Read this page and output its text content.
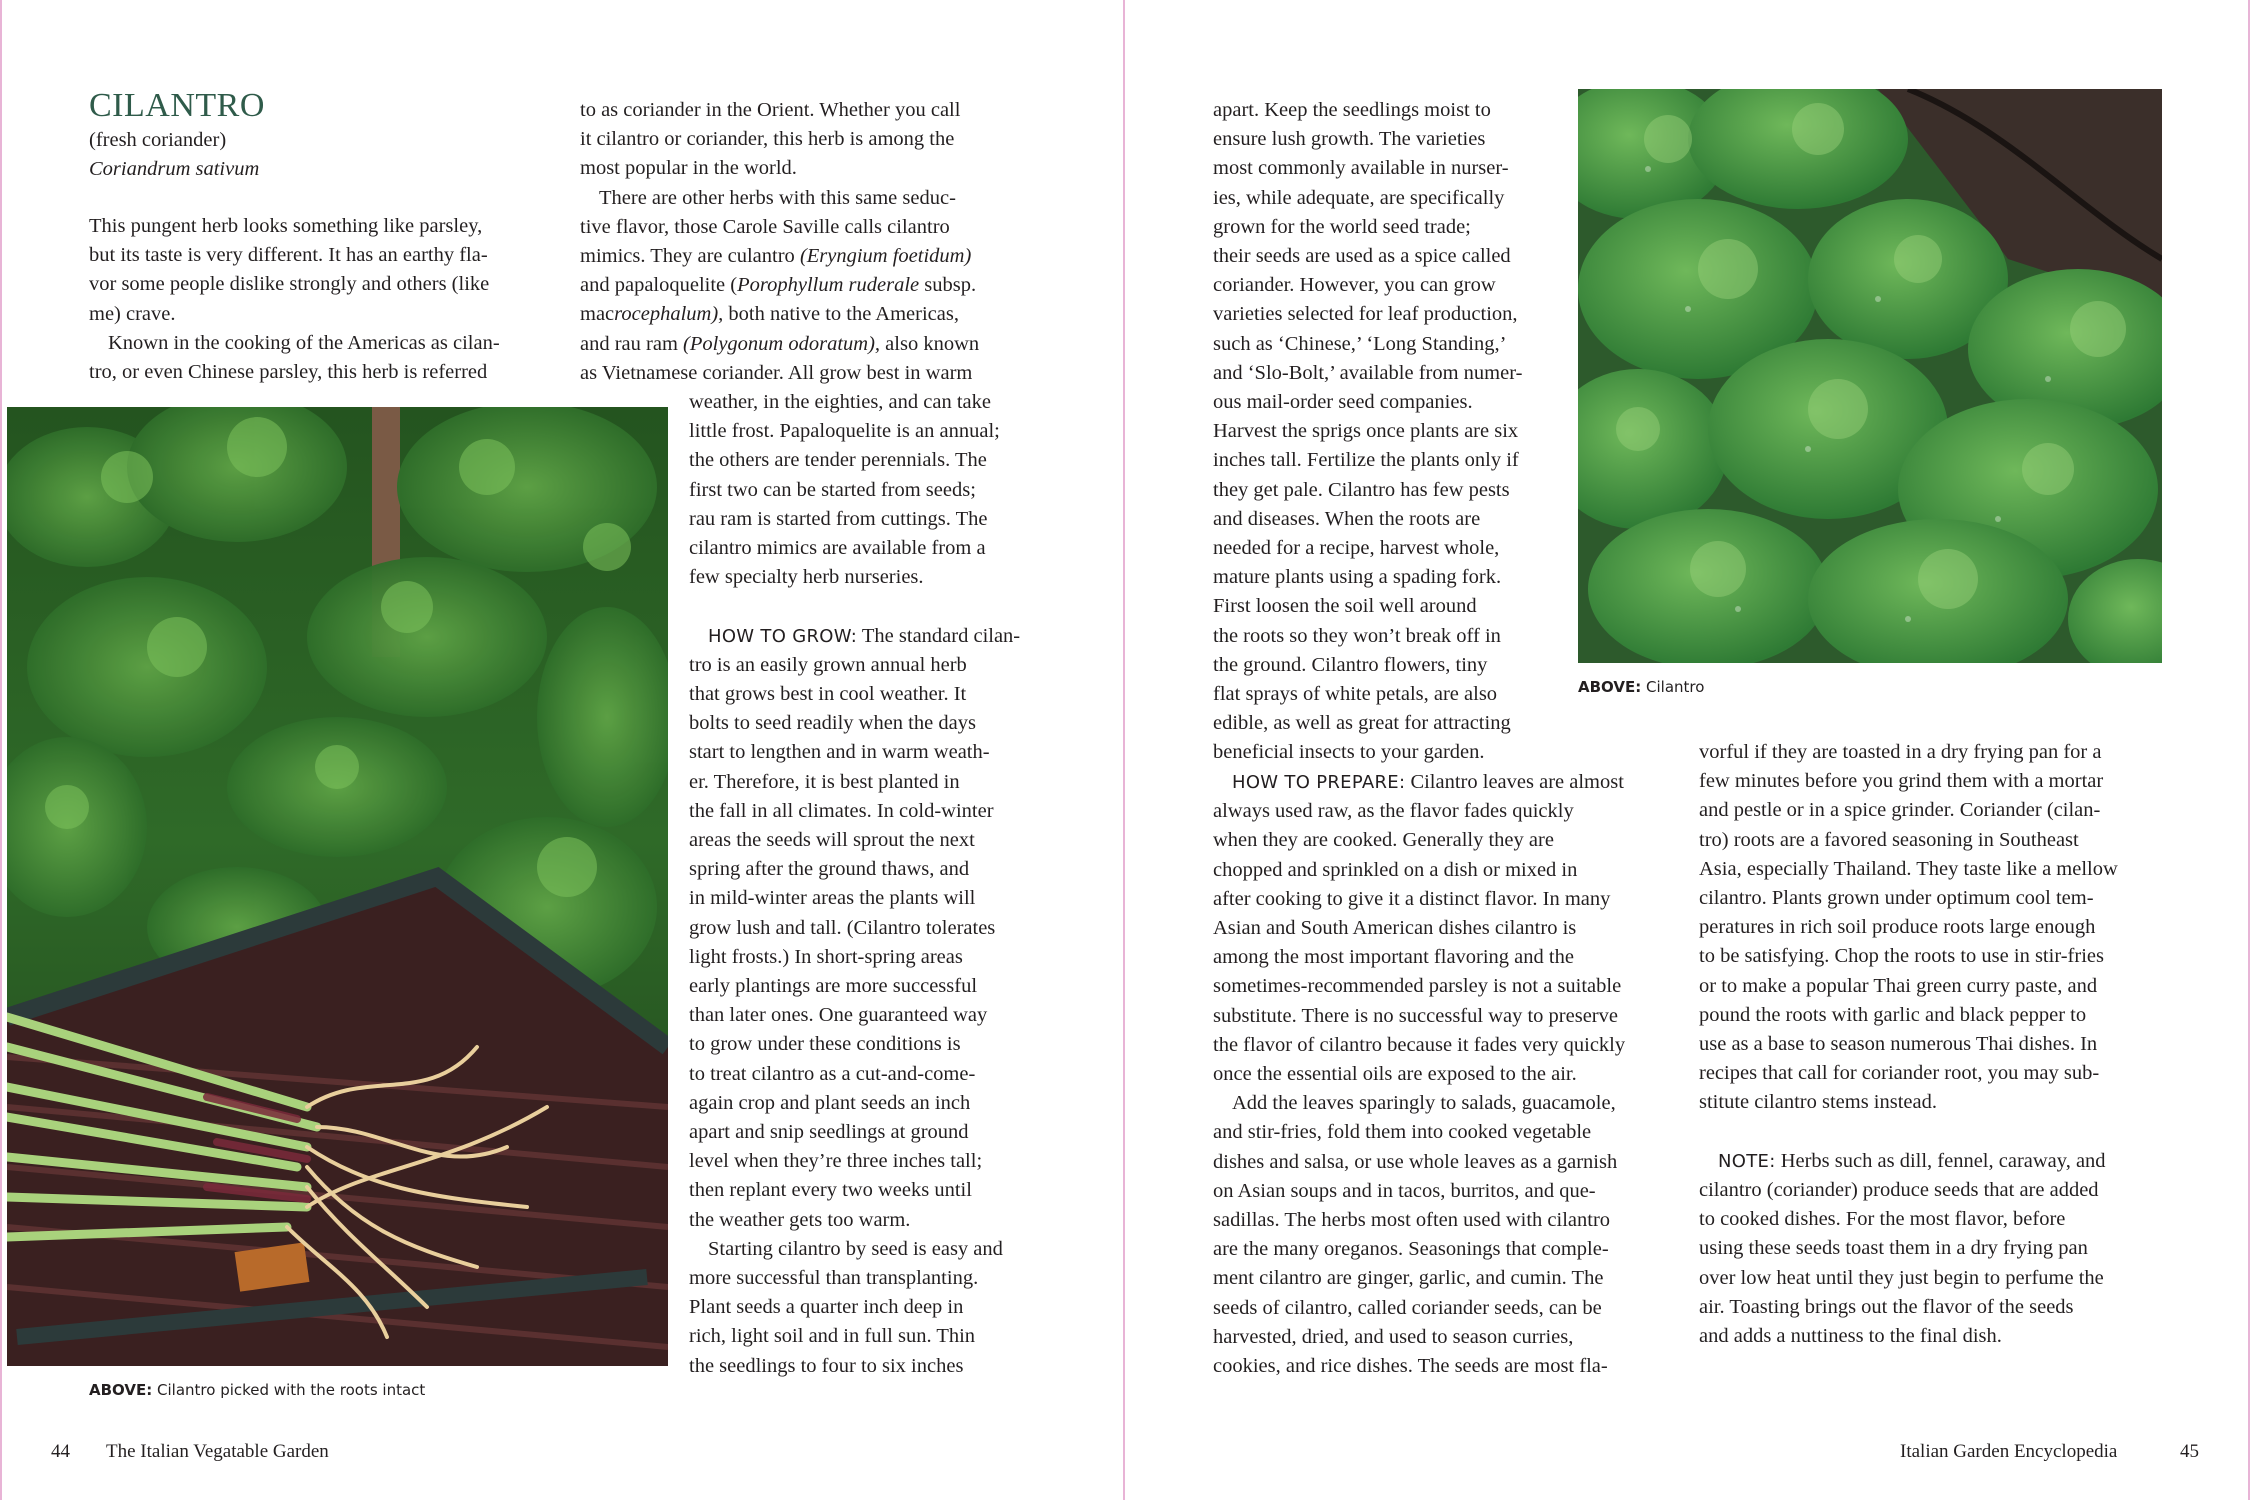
CILANTRO
(fresh coriander)
Coriandrum sativum

This pungent herb looks something like parsley,
but its taste is very different. It has an earthy fla-
vor some people dislike strongly and others (like
me) crave.

Known in the cooking of the Americas as cilan-
tro, or even Chinese parsley, this herb is referred

to as coriander in the Orient. Whether you call
it cilantro or coriander, this herb is among the
most popular in the world.
There are other herbs with this same seduc-
tive flavor, those Carole Saville calls cilantro
mimics. They are culantro (Eryngium foetidum)
and papaloquelite (Porophyllum ruderale subsp.
macrocephalum), both native to the Americas,
and rau ram (Polygonum odoratum), also known
as Vietnamese coriander. All grow best in warm
weather, in the eighties, and can take
little frost. Papaloquelite is an annual;
the others are tender perennials. The
first two can be started from seeds;
rau ram is started from cuttings. The
cilantro mimics are available from a
few specialty herb nurseries.

HOW TO GROW: The standard cilan-
tro is an easily grown annual herb
that grows best in cool weather. It
bolts to seed readily when the days
start to lengthen and in warm weath-
er. Therefore, it is best planted in
the fall in all climates. In cold-winter
areas the seeds will sprout the next
spring after the ground thaws, and
in mild-winter areas the plants will
grow lush and tall. (Cilantro tolerates
light frosts.) In short-spring areas
early plantings are more successful
than later ones. One guaranteed way
to grow under these conditions is
to treat cilantro as a cut-and-come-
again crop and plant seeds an inch
apart and snip seedlings at ground
level when they’re three inches tall;
then replant every two weeks until
the weather gets too warm.
Starting cilantro by seed is easy and
more successful than transplanting.
Plant seeds a quarter inch deep in
rich, light soil and in full sun. Thin
the seedlings to four to six inches

ABOVE: Cilantro picked with the roots intact
44 The Italian Vegatable Garden
apart. Keep the seedlings moist to
ensure lush growth. The varieties
most commonly available in nurser-
ies, while adequate, are specifically
grown for the world seed trade;
their seeds are used as a spice called
coriander. However, you can grow
varieties selected for leaf production,
such as ‘Chinese,’ ‘Long Standing,’
and ‘Slo-Bolt,’ available from numer-
ous mail-order seed companies.
Harvest the sprigs once plants are six
inches tall. Fertilize the plants only if
they get pale. Cilantro has few pests
and diseases. When the roots are
needed for a recipe, harvest whole,
mature plants using a spading fork.
First loosen the soil well around
the roots so they won’t break off in
the ground. Cilantro flowers, tiny
flat sprays of white petals, are also
edible, as well as great for attracting
beneficial insects to your garden.
HOW TO PREPARE: Cilantro leaves are almost
always used raw, as the flavor fades quickly
when they are cooked. Generally they are
chopped and sprinkled on a dish or mixed in
after cooking to give it a distinct flavor. In many
Asian and South American dishes cilantro is
among the most important flavoring and the
sometimes-recommended parsley is not a suitable
substitute. There is no successful way to preserve
the flavor of cilantro because it fades very quickly
once the essential oils are exposed to the air.
Add the leaves sparingly to salads, guacamole,
and stir-fries, fold them into cooked vegetable
dishes and salsa, or use whole leaves as a garnish
on Asian soups and in tacos, burritos, and que-
sadillas. The herbs most often used with cilantro
are the many oreganos. Seasonings that comple-
ment cilantro are ginger, garlic, and cumin. The
seeds of cilantro, called coriander seeds, can be
harvested, dried, and used to season curries,
cookies, and rice dishes. The seeds are most fla-
vorful if they are toasted in a dry frying pan for a
few minutes before you grind them with a mortar
and pestle or in a spice grinder. Coriander (cilan-
tro) roots are a favored seasoning in Southeast
Asia, especially Thailand. They taste like a mellow
cilantro. Plants grown under optimum cool tem-
peratures in rich soil produce roots large enough
to be satisfying. Chop the roots to use in stir-fries
or to make a popular Thai green curry paste, and
pound the roots with garlic and black pepper to
use as a base to season numerous Thai dishes. In
recipes that call for coriander root, you may sub-
stitute cilantro stems instead.

NOTE: Herbs such as dill, fennel, caraway, and
cilantro (coriander) produce seeds that are added
to cooked dishes. For the most flavor, before
using these seeds toast them in a dry frying pan
over low heat until they just begin to perfume the
air. Toasting brings out the flavor of the seeds
and adds a nuttiness to the final dish.

ABOVE: Cilantro
Italian Garden Encyclopedia	45
